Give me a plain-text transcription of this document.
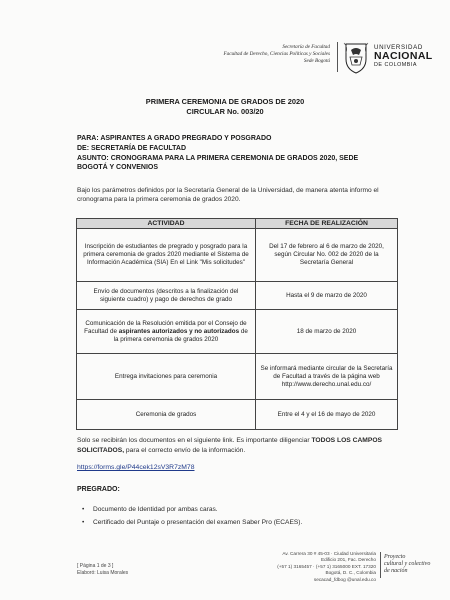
Secretaría de Facultad
Facultad de Derecho, Ciencias Políticas y Sociales
Sede Bogotá
UNIVERSIDAD
NACIONAL
DE COLOMBIA
PRIMERA CEREMONIA DE GRADOS DE 2020
CIRCULAR No. 003/20
PARA: ASPIRANTES A GRADO PREGRADO Y POSGRADO
DE: SECRETARÍA DE FACULTAD
ASUNTO: CRONOGRAMA PARA LA PRIMERA CEREMONIA DE GRADOS 2020, SEDE BOGOTÁ Y CONVENIOS
Bajo los parámetros definidos por la Secretaría General de la Universidad, de manera atenta informo el cronograma para la primera ceremonia de grados 2020.
ACTIVIDAD	FECHA DE REALIZACIÓN
Inscripción de estudiantes de pregrado y posgrado para la primera ceremonia de grados 2020 mediante el Sistema de Información Académica (SIA) En el Link "Mis solicitudes"	Del 17 de febrero al 6 de marzo de 2020, según Circular No. 002 de 2020 de la Secretaría General
Envío de documentos (descritos a la finalización del siguiente cuadro) y pago de derechos de grado	Hasta el 9 de marzo de 2020
Comunicación de la Resolución emitida por el Consejo de Facultad de aspirantes autorizados y no autorizados de la primera ceremonia de grados 2020	18 de marzo de 2020
Entrega invitaciones para ceremonia	Se informará mediante circular de la Secretaría de Facultad a través de la página web http://www.derecho.unal.edu.co/
Ceremonia de grados	Entre el 4 y el 16 de mayo de 2020
Solo se recibirán los documentos en el siguiente link. Es importante diligenciar TODOS LOS CAMPOS SOLICITADOS, para el correcto envío de la información.
https://forms.gle/P44cek12sV3R7zM78
PREGRADO:
• Documento de Identidad por ambas caras.
• Certificado del Puntaje o presentación del examen Saber Pro (ECAES).
[ Página 1 de 3 ]
Elaboró: Luisa Morales
Av. Carrera 30 # 45-03 · Ciudad Universitaria
Edificio 201, Fac. Derecho
(+57 1) 3165457 · (+57 1) 3165000 EXT. 17320
Bogotá, D. C., Colombia
secacad_fdbog @unal.edu.co
Proyecto
cultural y colectivo
de nación
